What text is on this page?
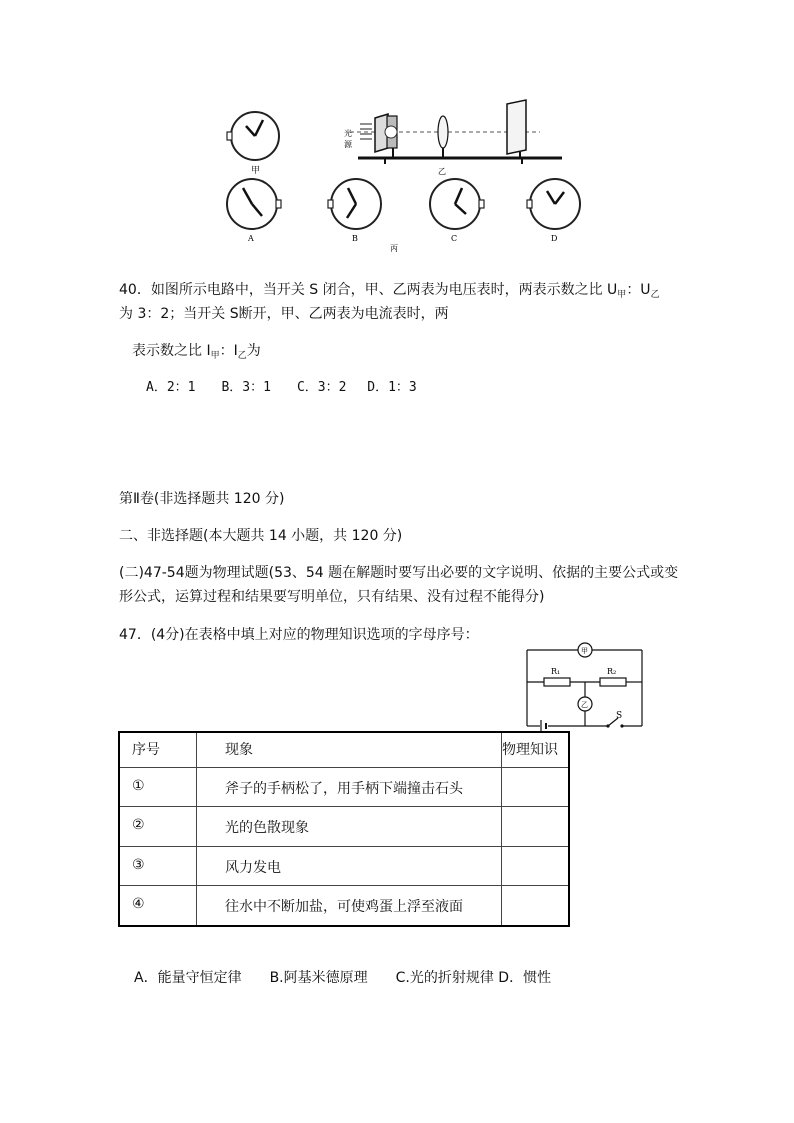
甲
光
源
乙
A	B	C	D
丙
40．如图所示电路中，当开关 S 闭合，甲、乙两表为电压表时，两表示数之比 $U_甲$：$U_乙$
为 3：2；当开关 S断开，甲、乙两表为电流表时，两
表示数之比 $I_甲$：$I_乙$为
A．2：1　　B．3：1　　C．3：2　 D．1：3
第Ⅱ卷(非选择题共 120 分)
二、非选择题(本大题共 14 小题，共 120 分)
(二)47-54题为物理试题(53、54 题在解题时要写出必要的文字说明、依据的主要公式或变
形公式，运算过程和结果要写明单位，只有结果、没有过程不能得分)
47．(4分)在表格中填上对应的物理知识选项的字母序号：
甲
R₁	R₂
乙
S
序号	现象	物理知识
①	斧子的手柄松了，用手柄下端撞击石头	
②	光的色散现象	
③	风力发电	
④	往水中不断加盐，可使鸡蛋上浮至液面	
A．能量守恒定律　　B.阿基米德原理　　C.光的折射规律 D．惯性
